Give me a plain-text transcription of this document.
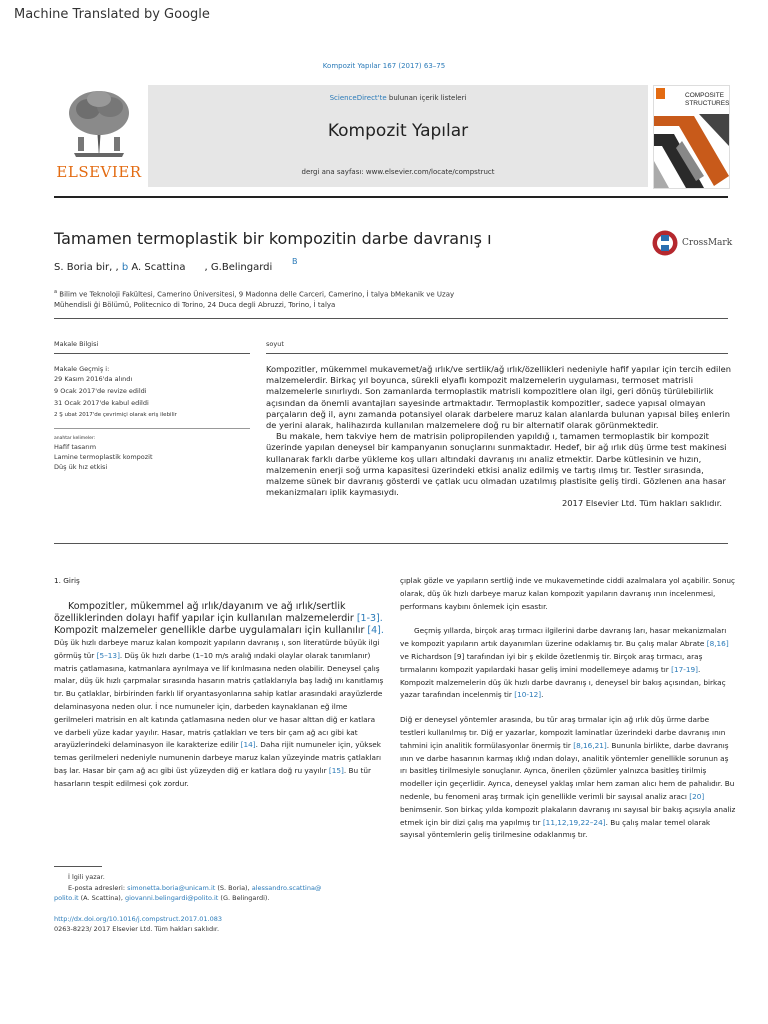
Machine Translated by Google
Kompozit Yapılar 167 (2017) 63–75
ELSEVIER
ScienceDirect'te bulunan içerik listeleri
Kompozit Yapılar
dergi ana sayfası: www.elsevier.com/locate/compstruct
COMPOSITE
STRUCTURES
Tamamen termoplastik bir kompozitin darbe davranış ı	CrossMark
S. Boria bir, , b A. Scattina      , G.Belingardi
B
$^a$ Bilim ve Teknoloji Fakültesi, Camerino Üniversitesi, 9 Madonna delle Carceri, Camerino, İ talya bMekanik ve Uzay
Mühendisli ği Bölümü, Politecnico di Torino, 24 Duca degli Abruzzi, Torino, İ talya
Makale Bilgisi
Makale Geçmiş i:
29 Kasım 2016'da alındı
9 Ocak 2017'de revize edildi
31 Ocak 2017'de kabul edildi
2 Ş ubat 2017'de çevrimiçi olarak eriş ilebilir
anahtar kelimeler:
Hafif tasarım
Lamine termoplastik kompozit
Düş ük hız etkisi
soyut

Kompozitler, mükemmel mukavemet/ağ ırlık/ve sertlik/ağ ırlık/özellikleri nedeniyle hafif yapılar için tercih edilen malzemelerdir. Birkaç yıl boyunca, sürekli elyaflı kompozit malzemelerin uygulaması, termoset matrisli malzemelerle sınırlıydı. Son zamanlarda termoplastik matrisli kompozitlere olan ilgi, geri dönüş türülebilirlik açısından da önemli avantajları sayesinde artmaktadır. Termoplastik kompozitler, sadece yapısal olmayan parçaların değ il, aynı zamanda potansiyel olarak darbelere maruz kalan alanlarda bulunan yapısal bileş enlerin de yerini alarak, halihazırda kullanılan malzemelere doğ ru bir alternatif olarak görünmektedir.

Bu makale, hem takviye hem de matrisin polipropilenden yapıldığ ı, tamamen termoplastik bir kompozit üzerinde yapılan deneysel bir kampanyanın sonuçlarını sunmaktadır. Hedef, bir ağ ırlık düş ürme test makinesi kullanarak farklı darbe yükleme koş ulları altındaki davranış ını analiz etmektir. Darbe kütlesinin ve hızın, malzemenin enerji soğ urma kapasitesi üzerindeki etkisi analiz edilmiş ve tartış ılmış tır. Testler sırasında, malzeme sünek bir davranış gösterdi ve çatlak ucu olmadan uzatılmış plastisite geliş tirdi. Gözlenen ana hasar mekanizmaları iplik kaymasıydı.

2017 Elsevier Ltd. Tüm hakları saklıdır.

1. Giriş

Kompozitler, mükemmel ağ ırlık/dayanım ve ağ ırlık/sertlik özelliklerinden dolayı hafif yapılar için kullanılan malzemelerdir [1-3]. Kompozit malzemeler genellikle darbe uygulamaları için kullanılır [4].

Düş ük hızlı darbeye maruz kalan kompozit yapıların davranış ı, son literatürde büyük ilgi görmüş tür [5–13]. Düş ük hızlı darbe (1–10 m/s aralığ ındaki olaylar olarak tanımlanır) matris çatlamasına, katmanlara ayrılmaya ve lif kırılmasına neden olabilir. Deneysel çalış malar, düş ük hızlı çarpmalar sırasında hasarın matris çatlaklarıyla baş ladığ ını kanıtlamış tır. Bu çatlaklar, birbirinden farklı lif oryantasyonlarına sahip katlar arasındaki arayüzlerde delaminasyona neden olur. İ nce numuneler için, darbeden kaynaklanan eğ ilme gerilmeleri matrisin en alt katında çatlamasına neden olur ve hasar alttan diğ er katlara ve darbeli yüze kadar yayılır. Hasar, matris çatlakları ve ters bir çam ağ acı gibi kat arayüzlerindeki delaminasyon ile karakterize edilir [14]. Daha rijit numuneler için, yüksek temas gerilmeleri nedeniyle numunenin darbeye maruz kalan yüzeyinde matris çatlakları baş lar. Hasar bir çam ağ acı gibi üst yüzeyden diğ er katlara doğ ru yayılır [15]. Bu tür hasarların tespit edilmesi çok zordur.

çıplak gözle ve yapıların sertliğ inde ve mukavemetinde ciddi azalmalara yol açabilir. Sonuç olarak, düş ük hızlı darbeye maruz kalan kompozit yapıların davranış ının incelenmesi, performans kaybını önlemek için esastır.

Geçmiş yıllarda, birçok araş tırmacı ilgilerini darbe davranış ları, hasar mekanizmaları ve kompozit yapıların artık dayanımları üzerine odaklamış tır. Bu çalış malar Abrate [8,16] ve Richardson [9] tarafından iyi bir ş ekilde özetlenmiş tir. Birçok araş tırmacı, araş tırmalarını kompozit yapılardaki hasar geliş imini modellemeye adamış tır [17-19]. Kompozit malzemelerin düş ük hızlı darbe davranış ı, deneysel bir bakış açısından, birkaç yazar tarafından incelenmiş tir [10-12].

Diğ er deneysel yöntemler arasında, bu tür araş tırmalar için ağ ırlık düş ürme darbe testleri kullanılmış tır. Diğ er yazarlar, kompozit laminatlar üzerindeki darbe davranış ının tahmini için analitik formülasyonlar önermiş tir [8,16,21]. Bununla birlikte, darbe davranış ının ve darbe hasarının karmaş ıklığ ından dolayı, analitik yöntemler genellikle sorunun aş ırı basitleş tirilmesiyle sonuçlanır. Ayrıca, önerilen çözümler yalnızca basitleş tirilmiş modeller için geçerlidir. Ayrıca, deneysel yaklaş ımlar hem zaman alıcı hem de pahalıdır. Bu nedenle, bu fenomeni araş tırmak için genellikle verimli bir sayısal analiz aracı [20] benimsenir. Son birkaç yılda kompozit plakaların davranış ını sayısal bir bakış açısıyla analiz etmek için bir dizi çalış ma yapılmış tır [11,12,19,22–24]. Bu çalış malar temel olarak sayısal yöntemlerin geliş tirilmesine odaklanmış tır.

İ lgili yazar.
E-posta adresleri: simonetta.boria@unicam.it (S. Boria), alessandro.scattina@
polito.it (A. Scattina), giovanni.belingardi@polito.it (G. Belingardi).
http://dx.doi.org/10.1016/j.compstruct.2017.01.083
0263-8223/ 2017 Elsevier Ltd. Tüm hakları saklıdır.
